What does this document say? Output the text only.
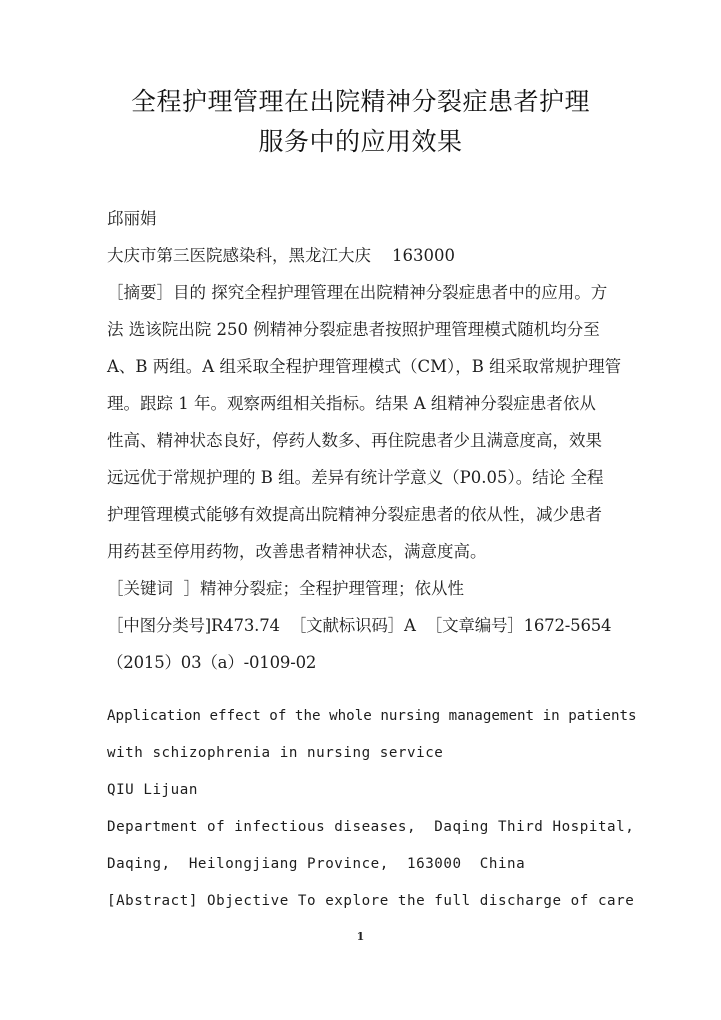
全程护理管理在出院精神分裂症患者护理
服务中的应用效果
邱丽娟
大庆市第三医院感染科，黑龙江大庆    163000
［摘要］目的 探究全程护理管理在出院精神分裂症患者中的应用。方
法 选该院出院 250 例精神分裂症患者按照护理管理模式随机均分至
A、B 两组。A 组采取全程护理管理模式（CM），B 组采取常规护理管
理。跟踪 1 年。观察两组相关指标。结果 A 组精神分裂症患者依从
性高、精神状态良好，停药人数多、再住院患者少且满意度高，效果
远远优于常规护理的 B 组。差异有统计学意义（P0.05）。结论 全程
护理管理模式能够有效提高出院精神分裂症患者的依从性，减少患者
用药甚至停用药物，改善患者精神状态，满意度高。
［关键词  ］精神分裂症；全程护理管理；依从性
［中图分类号]R473.74  ［文献标识码］A  ［文章编号］1672-5654
（2015）03（a）-0109-02
Application effect of the whole nursing management in patients
with schizophrenia in nursing service
QIU Lijuan
Department of infectious diseases,  Daqing Third Hospital,
Daqing,  Heilongjiang Province,  163000  China
[Abstract] Objective To explore the full discharge of care
1
